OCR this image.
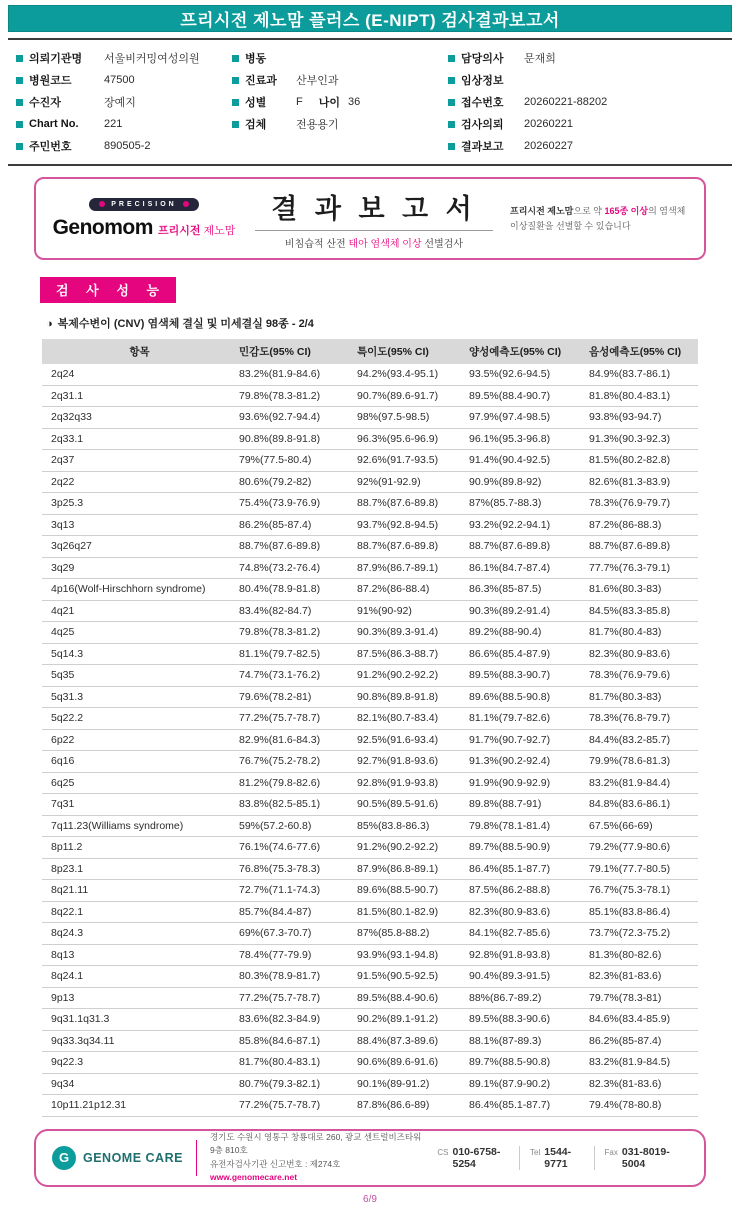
프리시전 제노맘 플러스 (E-NIPT) 검사결과보고서
의뢰기관명 서울비커밍여성의원
병원코드	47500
수진자	장예지
Chart No. 221
주민번호	890505-2
병동
진료과 산부인과
성별	F 나이 36
검체	전용용기
담당의사 문재희
임상정보
접수번호 20260221-88202
검사의뢰 20260221
결과보고 20260227
PRECISION
Genomom 프리시전 제노맘
결 과 보 고 서
비침습적 산전 태아 염색체 이상 선별검사
프리시전 제노맘으로 약 165종 이상의 염색체 이상질환을 선별할 수 있습니다
검 사 성 능
◑ 복제수변이 (CNV) 염색체 결실 및 미세결실 98종 - 2/4
항목	민감도(95% CI)	특이도(95% CI)	양성예측도(95% CI)	음성예측도(95% CI)
2q24	83.2%(81.9-84.6)	94.2%(93.4-95.1)	93.5%(92.6-94.5)	84.9%(83.7-86.1)
2q31.1	79.8%(78.3-81.2)	90.7%(89.6-91.7)	89.5%(88.4-90.7)	81.8%(80.4-83.1)
2q32q33	93.6%(92.7-94.4)	98%(97.5-98.5)	97.9%(97.4-98.5)	93.8%(93-94.7)
2q33.1	90.8%(89.8-91.8)	96.3%(95.6-96.9)	96.1%(95.3-96.8)	91.3%(90.3-92.3)
2q37	79%(77.5-80.4)	92.6%(91.7-93.5)	91.4%(90.4-92.5)	81.5%(80.2-82.8)
2q22	80.6%(79.2-82)	92%(91-92.9)	90.9%(89.8-92)	82.6%(81.3-83.9)
3p25.3	75.4%(73.9-76.9)	88.7%(87.6-89.8)	87%(85.7-88.3)	78.3%(76.9-79.7)
3q13	86.2%(85-87.4)	93.7%(92.8-94.5)	93.2%(92.2-94.1)	87.2%(86-88.3)
3q26q27	88.7%(87.6-89.8)	88.7%(87.6-89.8)	88.7%(87.6-89.8)	88.7%(87.6-89.8)
3q29	74.8%(73.2-76.4)	87.9%(86.7-89.1)	86.1%(84.7-87.4)	77.7%(76.3-79.1)
4p16(Wolf-Hirschhorn syndrome)	80.4%(78.9-81.8)	87.2%(86-88.4)	86.3%(85-87.5)	81.6%(80.3-83)
4q21	83.4%(82-84.7)	91%(90-92)	90.3%(89.2-91.4)	84.5%(83.3-85.8)
4q25	79.8%(78.3-81.2)	90.3%(89.3-91.4)	89.2%(88-90.4)	81.7%(80.4-83)
5q14.3	81.1%(79.7-82.5)	87.5%(86.3-88.7)	86.6%(85.4-87.9)	82.3%(80.9-83.6)
5q35	74.7%(73.1-76.2)	91.2%(90.2-92.2)	89.5%(88.3-90.7)	78.3%(76.9-79.6)
5q31.3	79.6%(78.2-81)	90.8%(89.8-91.8)	89.6%(88.5-90.8)	81.7%(80.3-83)
5q22.2	77.2%(75.7-78.7)	82.1%(80.7-83.4)	81.1%(79.7-82.6)	78.3%(76.8-79.7)
6p22	82.9%(81.6-84.3)	92.5%(91.6-93.4)	91.7%(90.7-92.7)	84.4%(83.2-85.7)
6q16	76.7%(75.2-78.2)	92.7%(91.8-93.6)	91.3%(90.2-92.4)	79.9%(78.6-81.3)
6q25	81.2%(79.8-82.6)	92.8%(91.9-93.8)	91.9%(90.9-92.9)	83.2%(81.9-84.4)
7q31	83.8%(82.5-85.1)	90.5%(89.5-91.6)	89.8%(88.7-91)	84.8%(83.6-86.1)
7q11.23(Williams syndrome)	59%(57.2-60.8)	85%(83.8-86.3)	79.8%(78.1-81.4)	67.5%(66-69)
8p11.2	76.1%(74.6-77.6)	91.2%(90.2-92.2)	89.7%(88.5-90.9)	79.2%(77.9-80.6)
8p23.1	76.8%(75.3-78.3)	87.9%(86.8-89.1)	86.4%(85.1-87.7)	79.1%(77.7-80.5)
8q21.11	72.7%(71.1-74.3)	89.6%(88.5-90.7)	87.5%(86.2-88.8)	76.7%(75.3-78.1)
8q22.1	85.7%(84.4-87)	81.5%(80.1-82.9)	82.3%(80.9-83.6)	85.1%(83.8-86.4)
8q24.3	69%(67.3-70.7)	87%(85.8-88.2)	84.1%(82.7-85.6)	73.7%(72.3-75.2)
8q13	78.4%(77-79.9)	93.9%(93.1-94.8)	92.8%(91.8-93.8)	81.3%(80-82.6)
8q24.1	80.3%(78.9-81.7)	91.5%(90.5-92.5)	90.4%(89.3-91.5)	82.3%(81-83.6)
9p13	77.2%(75.7-78.7)	89.5%(88.4-90.6)	88%(86.7-89.2)	79.7%(78.3-81)
9q31.1q31.3	83.6%(82.3-84.9)	90.2%(89.1-91.2)	89.5%(88.3-90.6)	84.6%(83.4-85.9)
9q33.3q34.11	85.8%(84.6-87.1)	88.4%(87.3-89.6)	88.1%(87-89.3)	86.2%(85-87.4)
9q22.3	81.7%(80.4-83.1)	90.6%(89.6-91.6)	89.7%(88.5-90.8)	83.2%(81.9-84.5)
9q34	80.7%(79.3-82.1)	90.1%(89-91.2)	89.1%(87.9-90.2)	82.3%(81-83.6)
10p11.21p12.31	77.2%(75.7-78.7)	87.8%(86.6-89)	86.4%(85.1-87.7)	79.4%(78-80.8)
G	GENOME CARE
경기도 수원시 영통구 창룡대로 260, 광교 센트럴비즈타워 9층 810호
유전자검사기관 신고번호 : 제274호
www.genomecare.net
CS 010-6758-5254
Tel 1544-9771
Fax 031-8019-5004
6/9
